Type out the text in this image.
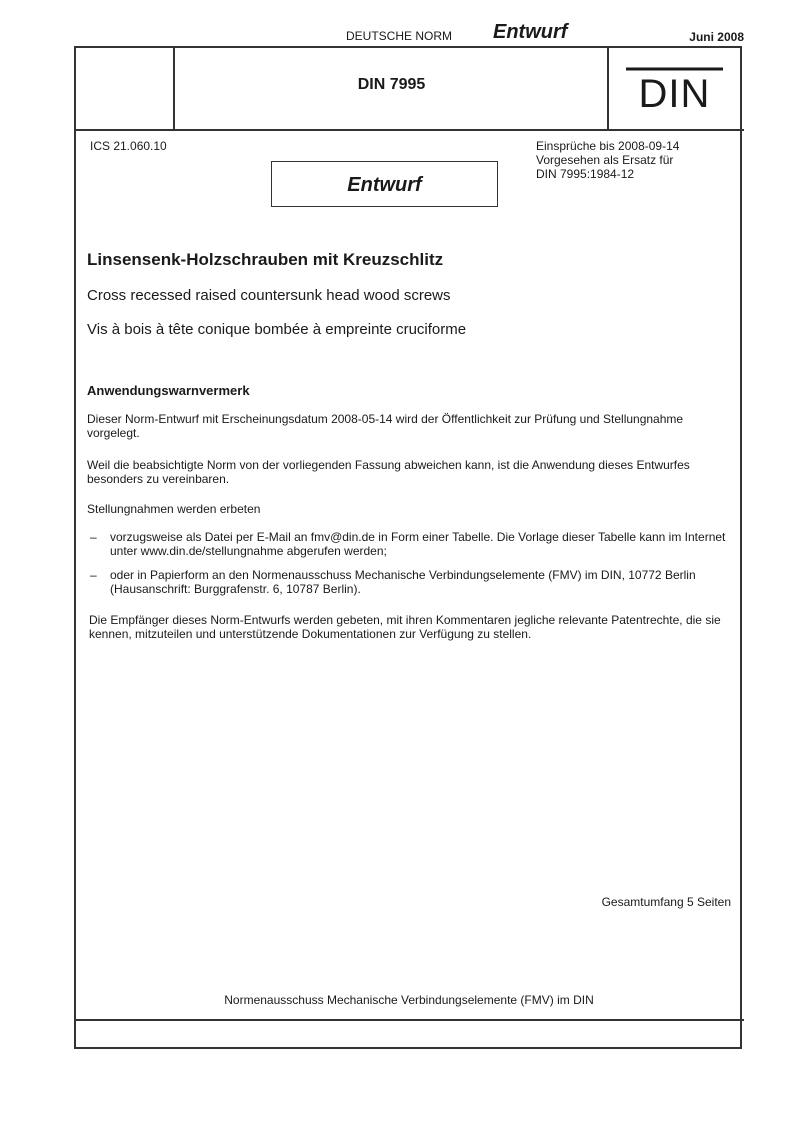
DEUTSCHE NORM Entwurf	Juni 2008
DIN 7995	DIN
ICS 21.060.10	Einsprüche bis 2008-09-14
Vorgesehen als Ersatz für
DIN 7995:1984-12
Entwurf
Linsensenk-Holzschrauben mit Kreuzschlitz
Cross recessed raised countersunk head wood screws
Vis à bois à tête conique bombée à empreinte cruciforme
Anwendungswarnvermerk
Dieser Norm-Entwurf mit Erscheinungsdatum 2008-05-14 wird der Öffentlichkeit zur Prüfung und Stellungnahme vorgelegt.
Weil die beabsichtigte Norm von der vorliegenden Fassung abweichen kann, ist die Anwendung dieses Entwurfes besonders zu vereinbaren.
Stellungnahmen werden erbeten
– vorzugsweise als Datei per E-Mail an fmv@din.de in Form einer Tabelle. Die Vorlage dieser Tabelle kann im Internet unter www.din.de/stellungnahme abgerufen werden;
– oder in Papierform an den Normenausschuss Mechanische Verbindungselemente (FMV) im DIN, 10772 Berlin (Hausanschrift: Burggrafenstr. 6, 10787 Berlin).
Die Empfänger dieses Norm-Entwurfs werden gebeten, mit ihren Kommentaren jegliche relevante Patentrechte, die sie kennen, mitzuteilen und unterstützende Dokumentationen zur Verfügung zu stellen.
Gesamtumfang 5 Seiten
Normenausschuss Mechanische Verbindungselemente (FMV) im DIN
